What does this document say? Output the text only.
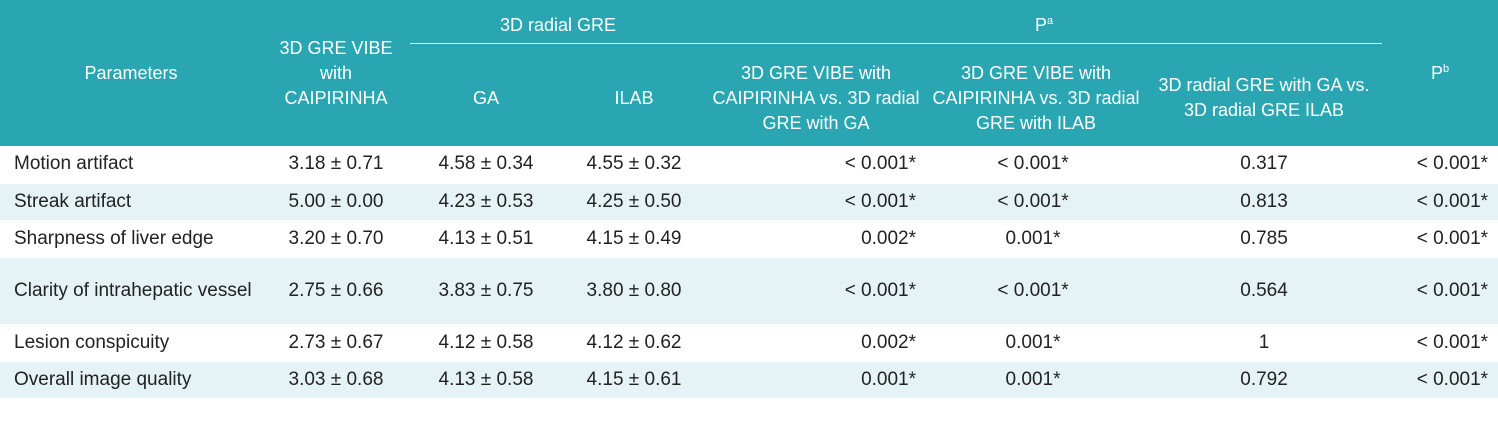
Parameters	3D GRE VIBE with CAIPIRINHA	3D radial GRE		$P^a$			$P^b$
		GA	ILAB	3D GRE VIBE with CAIPIRINHA vs. 3D radial GRE with GA	3D GRE VIBE with CAIPIRINHA vs. 3D radial GRE with ILAB	3D radial GRE with GA vs. 3D radial GRE ILAB	
Motion artifact	3.18 ± 0.71	4.58 ± 0.34	4.55 ± 0.32	< 0.001*	< 0.001*	0.317	< 0.001*
Streak artifact	5.00 ± 0.00	4.23 ± 0.53	4.25 ± 0.50	< 0.001*	< 0.001*	0.813	< 0.001*
Sharpness of liver edge	3.20 ± 0.70	4.13 ± 0.51	4.15 ± 0.49	0.002*	0.001*	0.785	< 0.001*
Clarity of intrahepatic vessel	2.75 ± 0.66	3.83 ± 0.75	3.80 ± 0.80	< 0.001*	< 0.001*	0.564	< 0.001*
Lesion conspicuity	2.73 ± 0.67	4.12 ± 0.58	4.12 ± 0.62	0.002*	0.001*	1	< 0.001*
Overall image quality	3.03 ± 0.68	4.13 ± 0.58	4.15 ± 0.61	0.001*	0.001*	0.792	< 0.001*
